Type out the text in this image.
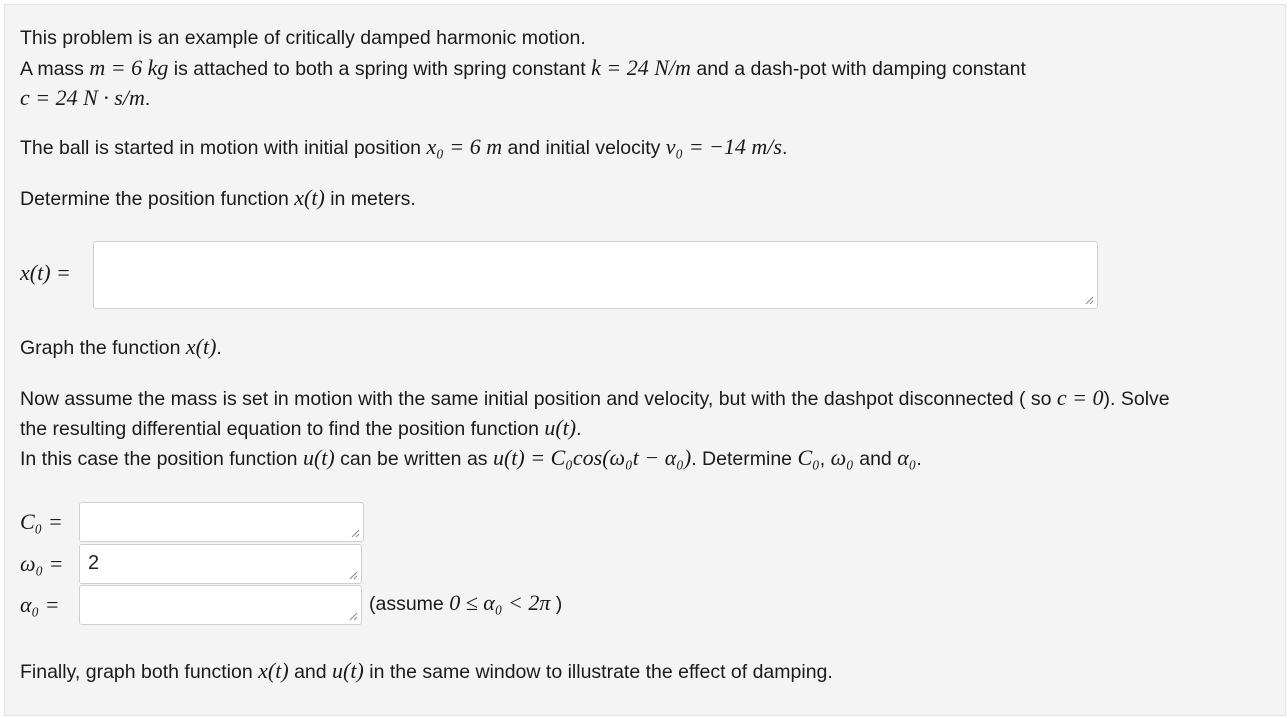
This problem is an example of critically damped harmonic motion.
A mass m = 6 kg is attached to both a spring with spring constant k = 24 N/m and a dash-pot with damping constant
c = 24 N · s/m.
The ball is started in motion with initial position x₀ = 6 m and initial velocity v₀ = −14 m/s.
Determine the position function x(t) in meters.
x(t) =
Graph the function x(t).
Now assume the mass is set in motion with the same initial position and velocity, but with the dashpot disconnected ( so c = 0). Solve
the resulting differential equation to find the position function u(t).
In this case the position function u(t) can be written as u(t) = C₀cos(ω₀t − α₀). Determine C₀, ω₀ and α₀.
C₀ =
ω₀ =	2
α₀ =	(assume 0 ≤ α₀ < 2π )
Finally, graph both function x(t) and u(t) in the same window to illustrate the effect of damping.
